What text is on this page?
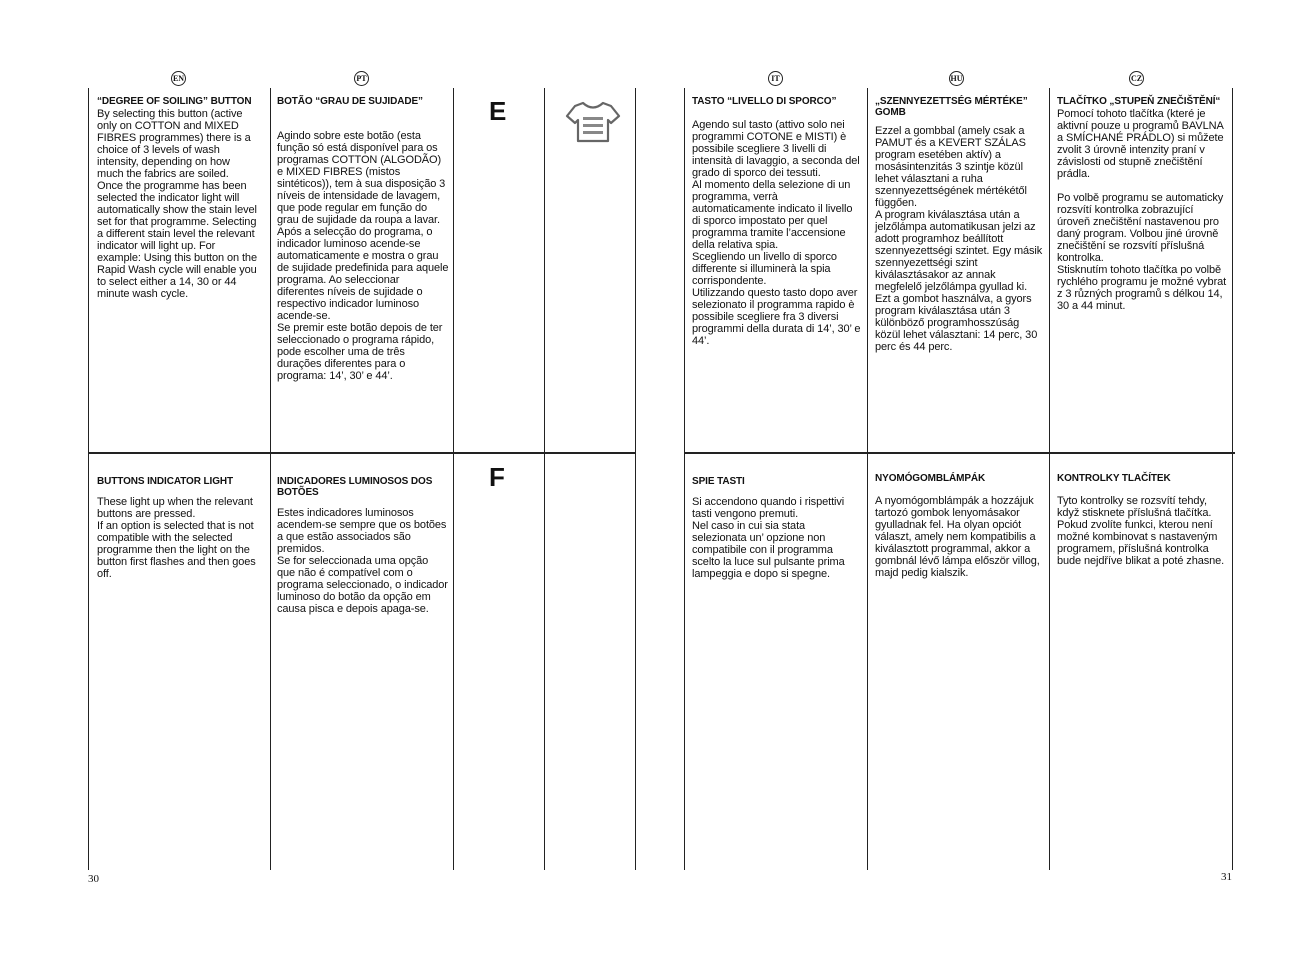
EN	PT	IT	HU	CZ
E
F
“DEGREE OF SOILING” BUTTON

By selecting this button (active only on COTTON and MIXED FIBRES programmes) there is a choice of 3 levels of wash intensity, depending on how much the fabrics are soiled.
Once the programme has been selected the indicator light will automatically show the stain level set for that programme. Selecting a different stain level the relevant indicator will light up. For example: Using this button on the Rapid Wash cycle will enable you to select either a 14, 30 or 44 minute wash cycle.

BOTÃO “GRAU DE SUJIDADE”

Agindo sobre este botão (esta função só está disponível para os programas COTTON (ALGODÃO) e MIXED FIBRES (mistos sintéticos)), tem à sua disposição 3 níveis de intensidade de lavagem, que pode regular em função do grau de sujidade da roupa a lavar. Após a selecção do programa, o indicador luminoso acende-se automaticamente e mostra o grau de sujidade predefinida para aquele programa. Ao seleccionar diferentes níveis de sujidade o respectivo indicador luminoso acende-se.
Se premir este botão depois de ter seleccionado o programa rápido, pode escolher uma de três durações diferentes para o programa: 14’, 30’ e 44’.

BUTTONS INDICATOR LIGHT

These light up when the relevant buttons are pressed.
If an option is selected that is not compatible with the selected programme then the light on the button first flashes and then goes off.

INDICADORES LUMINOSOS DOS BOTÕES

Estes indicadores luminosos acendem-se sempre que os botões a que estão associados são premidos.
Se for seleccionada uma opção que não é compatível com o programa seleccionado, o indicador luminoso do botão da opção em causa pisca e depois apaga-se.

TASTO “LIVELLO DI SPORCO”

Agendo sul tasto (attivo solo nei programmi COTONE e MISTI) è possibile scegliere 3 livelli di intensità di lavaggio, a seconda del grado di sporco dei tessuti.
Al momento della selezione di un programma, verrà automaticamente indicato il livello di sporco impostato per quel programma tramite l’accensione della relativa spia.
Scegliendo un livello di sporco differente si illuminerà la spia corrispondente.
Utilizzando questo tasto dopo aver selezionato il programma rapido è possibile scegliere fra 3 diversi programmi della durata di 14’, 30’ e 44’.

„SZENNYEZETTSÉG MÉRTÉKE” GOMB

Ezzel a gombbal (amely csak a PAMUT és a KEVERT SZÁLAS program esetében aktív) a mosásintenzitás 3 szintje közül lehet választani a ruha szennyezettségének mértékétől függően.
A program kiválasztása után a jelzőlámpa automatikusan jelzi az adott programhoz beállított szennyezettségi szintet. Egy másik szennyezettségi szint kiválasztásakor az annak megfelelő jelzőlámpa gyullad ki.
Ezt a gombot használva, a gyors program kiválasztása után 3 különböző programhosszúság közül lehet választani: 14 perc, 30 perc és 44 perc.

TLAČÍTKO „STUPEŇ ZNEČIŠTĚNÍ“

Pomocí tohoto tlačítka (které je aktivní pouze u programů BAVLNA a SMÍCHANÉ PRÁDLO) si můžete zvolit 3 úrovně intenzity praní v závislosti od stupně znečištění prádla.

Po volbě programu se automaticky rozsvítí kontrolka zobrazující úroveň znečištění nastavenou pro daný program. Volbou jiné úrovně znečištění se rozsvítí příslušná kontrolka.
Stisknutím tohoto tlačítka po volbě rychlého programu je možné vybrat z 3 různých programů s délkou 14, 30 a 44 minut.

SPIE TASTI

Si accendono quando i rispettivi tasti vengono premuti.
Nel caso in cui sia stata selezionata un’ opzione non compatibile con il programma scelto la luce sul pulsante prima lampeggia e dopo si spegne.

NYOMÓGOMBLÁMPÁK

A nyomógomblámpák a hozzájuk tartozó gombok lenyomásakor gyulladnak fel. Ha olyan opciót választ, amely nem kompatibilis a kiválasztott programmal, akkor a gombnál lévő lámpa először villog, majd pedig kialszik.

KONTROLKY TLAČÍTEK

Tyto kontrolky se rozsvítí tehdy, když stisknete příslušná tlačítka.
Pokud zvolíte funkci, kterou není možné kombinovat s nastaveným programem, příslušná kontrolka bude nejdříve blikat a poté zhasne.

30	31
